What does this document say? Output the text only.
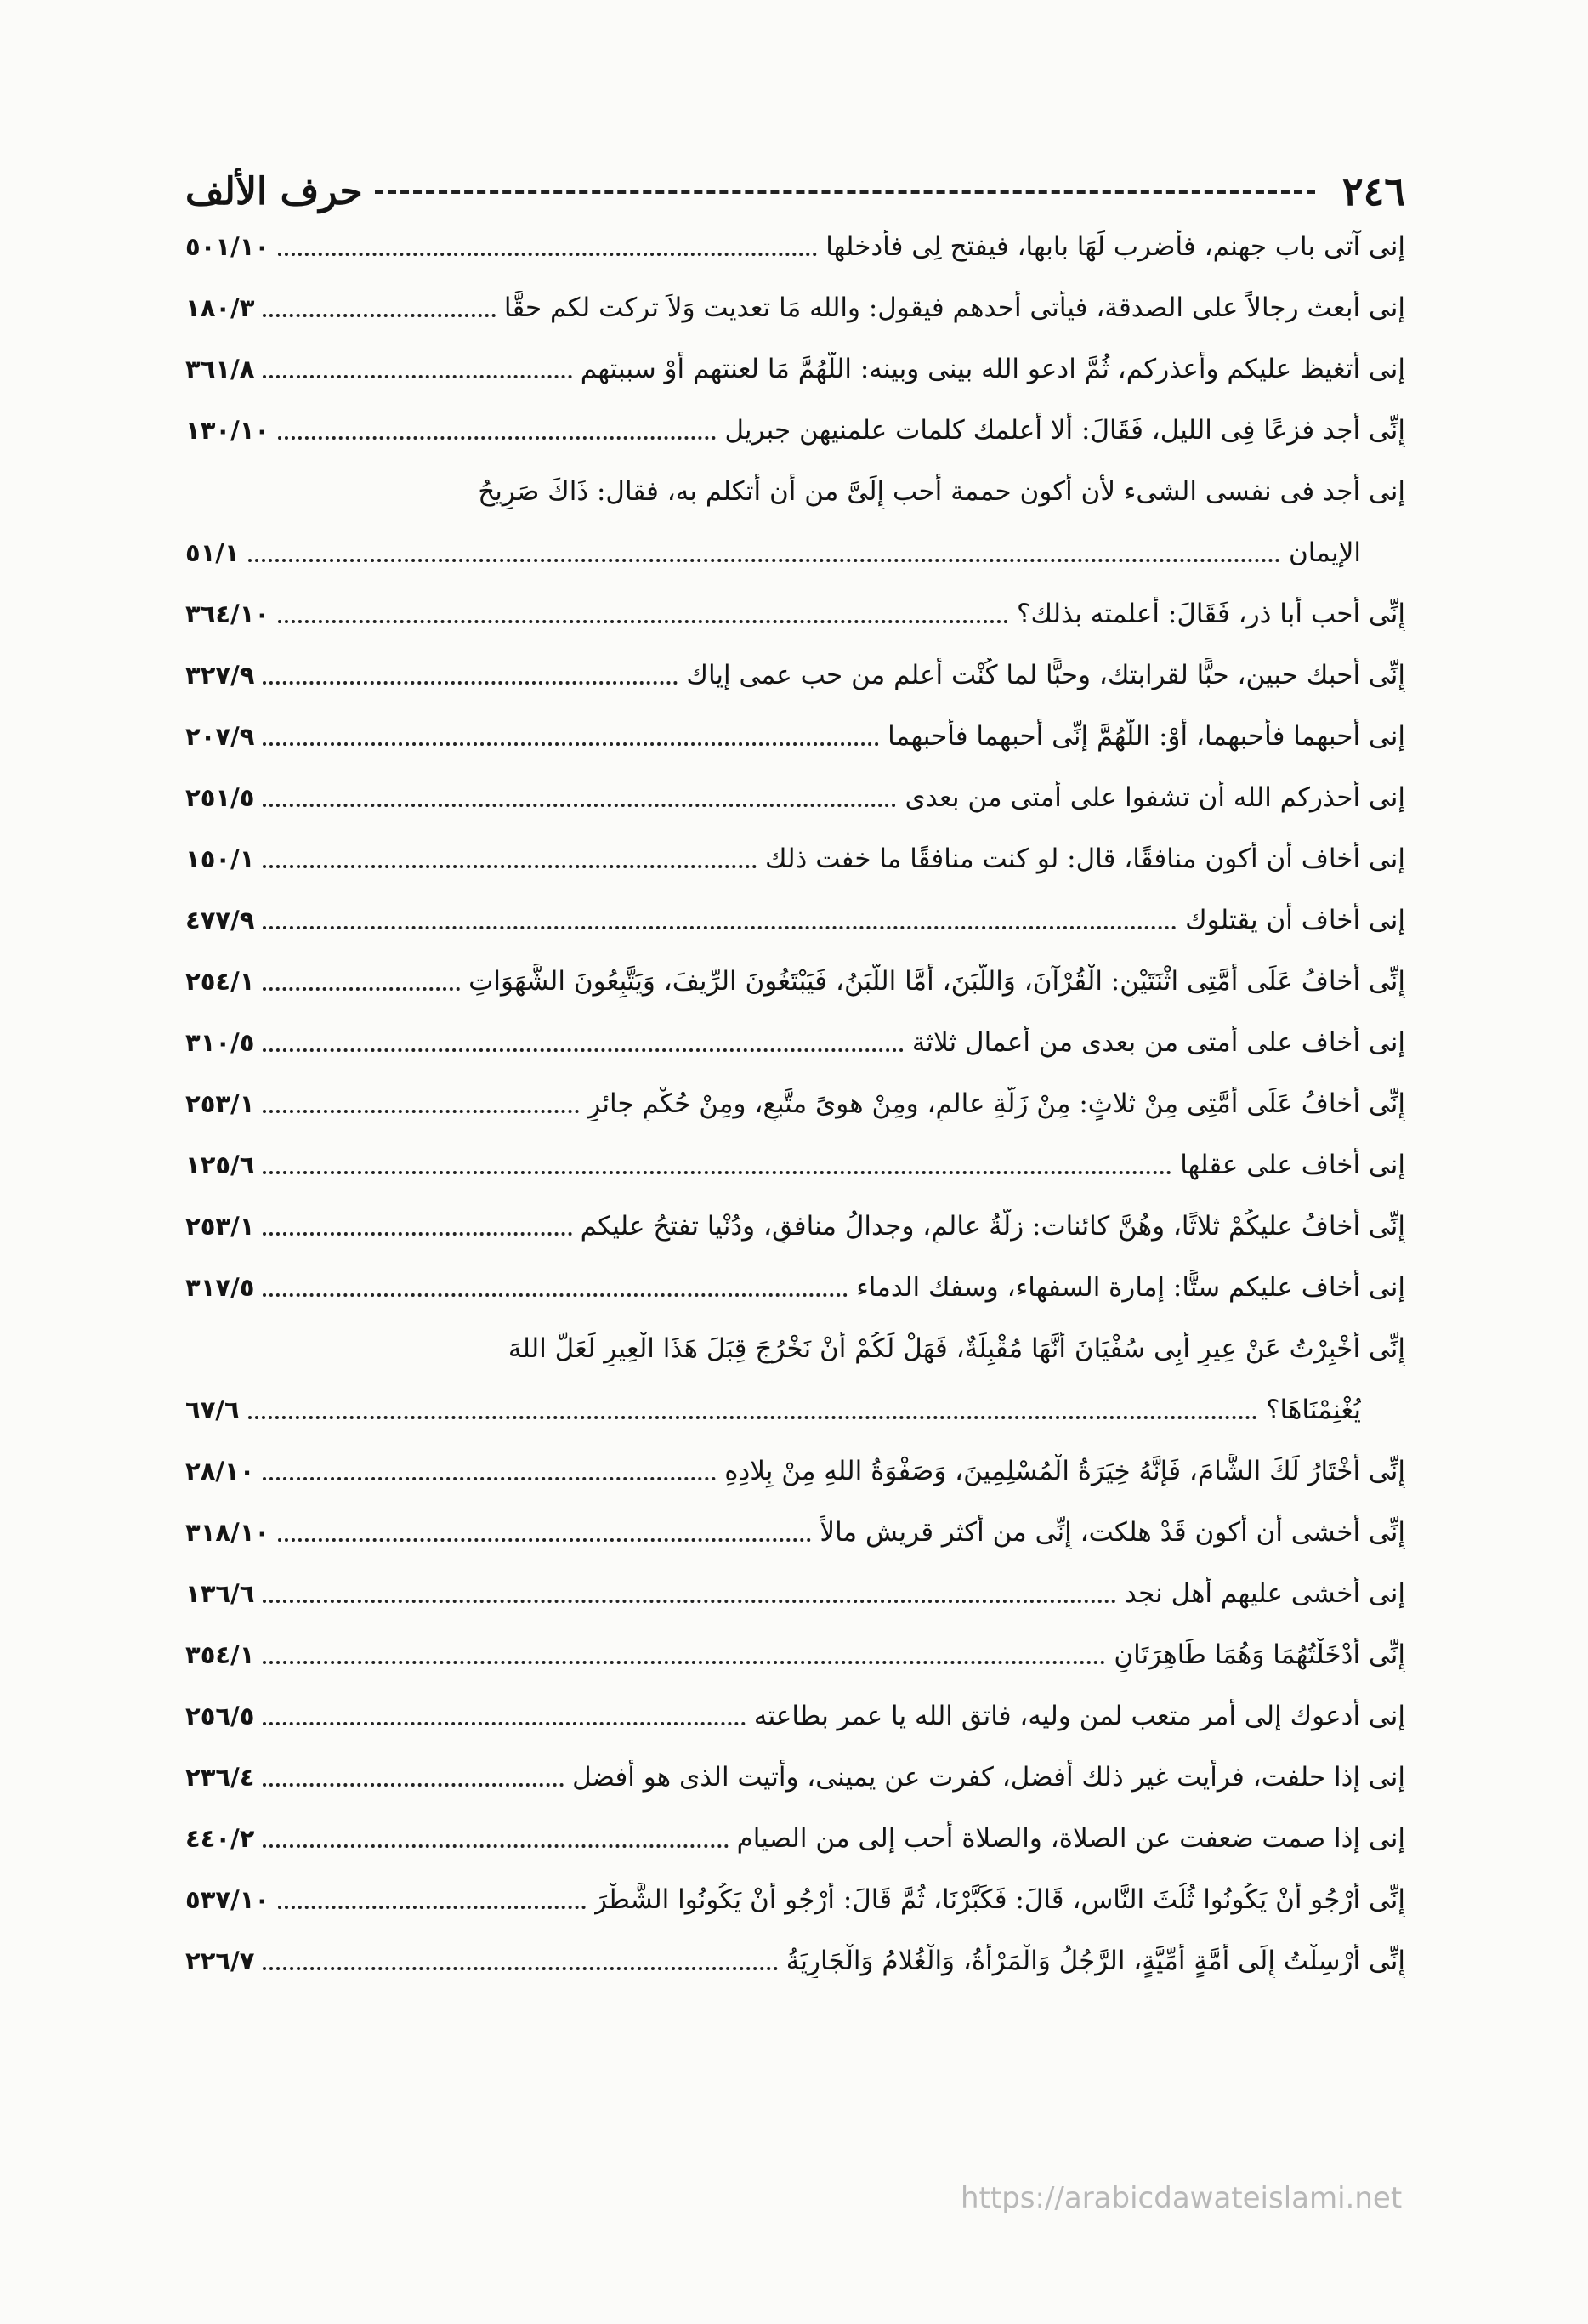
٢٤٦
حرف الألف
إنى آتى باب جهنم، فأضرب لَهَا بابها، فيفتح لِى فأدخلها
٥٠١/١٠
إنى أبعث رجالاً على الصدقة، فيأتى أحدهم فيقول: والله مَا تعديت وَلاَ تركت لكم حقًّا
١٨٠/٣
إنى أتغيظ عليكم وأعذركم، ثُمَّ ادعو الله بينى وبينه: اللَّهُمَّ مَا لعنتهم أَوْ سببتهم
٣٦١/٨
إِنِّى أجد فزعًا فِى الليل، فَقَالَ: ألا أعلمك كلمات علمنيهن جبريل
١٣٠/١٠
إنى أجد فى نفسى الشىء لأن أكون حممة أحب إِلَىَّ من أن أتكلم به، فقال: ذَاكَ صَرِيحُ
الإيمان
٥١/١
إِنِّى أحب أبا ذر، فَقَالَ: أعلمته بذلك؟
٣٦٤/١٠
إِنِّى أحبك حبين، حبًّا لقرابتك، وحبًّا لما كُنْت أعلم من حب عمى إياك
٣٢٧/٩
إنى أحبهما فأحبهما، أَوْ: اللَّهُمَّ إِنِّى أحبهما فأحبهما
٢٠٧/٩
إنى أحذركم الله أن تشفوا على أمتى من بعدى
٢٥١/٥
إنى أخاف أن أكون منافقًا، قال: لو كنت منافقًا ما خفت ذلك
١٥٠/١
إنى أخاف أن يقتلوك
٤٧٧/٩
إِنِّى أخافُ عَلَى أُمَّتِى اثْنَتَيْنِ: الْقُرْآنَ، وَاللَّبَنَ، أَمَّا اللَّبَنُ، فَيَبْتَغُونَ الرِّيفَ، وَيَتَّبِعُونَ الشَّهَوَاتِ
٢٥٤/١
إنى أخاف على أمتى من بعدى من أعمال ثلاثة
٣١٠/٥
إِنِّى أخافُ عَلَى أُمَّتِى مِنْ ثلاثٍ: مِنْ زَلَّةِ عالمٍ، ومِنْ هوىً متَّبعٍ، ومِنْ حُكْمٍ جائرٍ
٢٥٣/١
إنى أخاف على عقلها
١٢٥/٦
إِنِّى أخافُ عليكُمْ ثلاثًا، وهُنَّ كائنات: زلَّةُ عالمٍ، وجدالُ منافقٍ، ودُنْيا تفتحُ عليكم
٢٥٣/١
إنى أخاف عليكم ستًّا: إمارة السفهاء، وسفك الدماء
٣١٧/٥
إِنِّى أُخْبِرْتُ عَنْ عِيرِ أَبِى سُفْيَانَ أَنَّهَا مُقْبِلَةٌ، فَهَلْ لَكُمْ أَنْ نَخْرُجَ قِبَلَ هَذَا الْعِيرِ لَعَلَّ اللهَ
يُغْنِمْنَاهَا؟
٦٧/٦
إِنِّى أَخْتَارُ لَكَ الشَّامَ، فَإِنَّهُ خِيَرَةُ الْمُسْلِمِينَ، وَصَفْوَةُ اللهِ مِنْ بِلادِهِ
٢٨/١٠
إِنِّى أخشى أن أكون قَدْ هلكت، إِنِّى من أكثر قريش مالاً
٣١٨/١٠
إنى أخشى عليهم أهل نجد
١٣٦/٦
إِنِّى أَدْخَلْتُهُمَا وَهُمَا طَاهِرَتَانِ
٣٥٤/١
إنى أدعوك إلى أمر متعب لمن وليه، فاتق الله يا عمر بطاعته
٢٥٦/٥
إنى إذا حلفت، فرأيت غير ذلك أفضل، كفرت عن يمينى، وأتيت الذى هو أفضل
٢٣٦/٤
إنى إذا صمت ضعفت عن الصلاة، والصلاة أحب إلى من الصيام
٤٤٠/٢
إِنِّى أَرْجُو أَنْ يَكُونُوا ثُلُثَ النَّاسِ، قَالَ: فَكَبَّرْنَا، ثُمَّ قَالَ: أَرْجُو أَنْ يَكُونُوا الشَّطْرَ
٥٣٧/١٠
إِنِّى أُرْسِلْتُ إِلَى أُمَّةٍ أُمِّيَّةٍ، الرَّجُلُ وَالْمَرْأَةُ، وَالْغُلامُ وَالْجَارِيَةُ
٢٢٦/٧
https://arabicdawateislami.net
